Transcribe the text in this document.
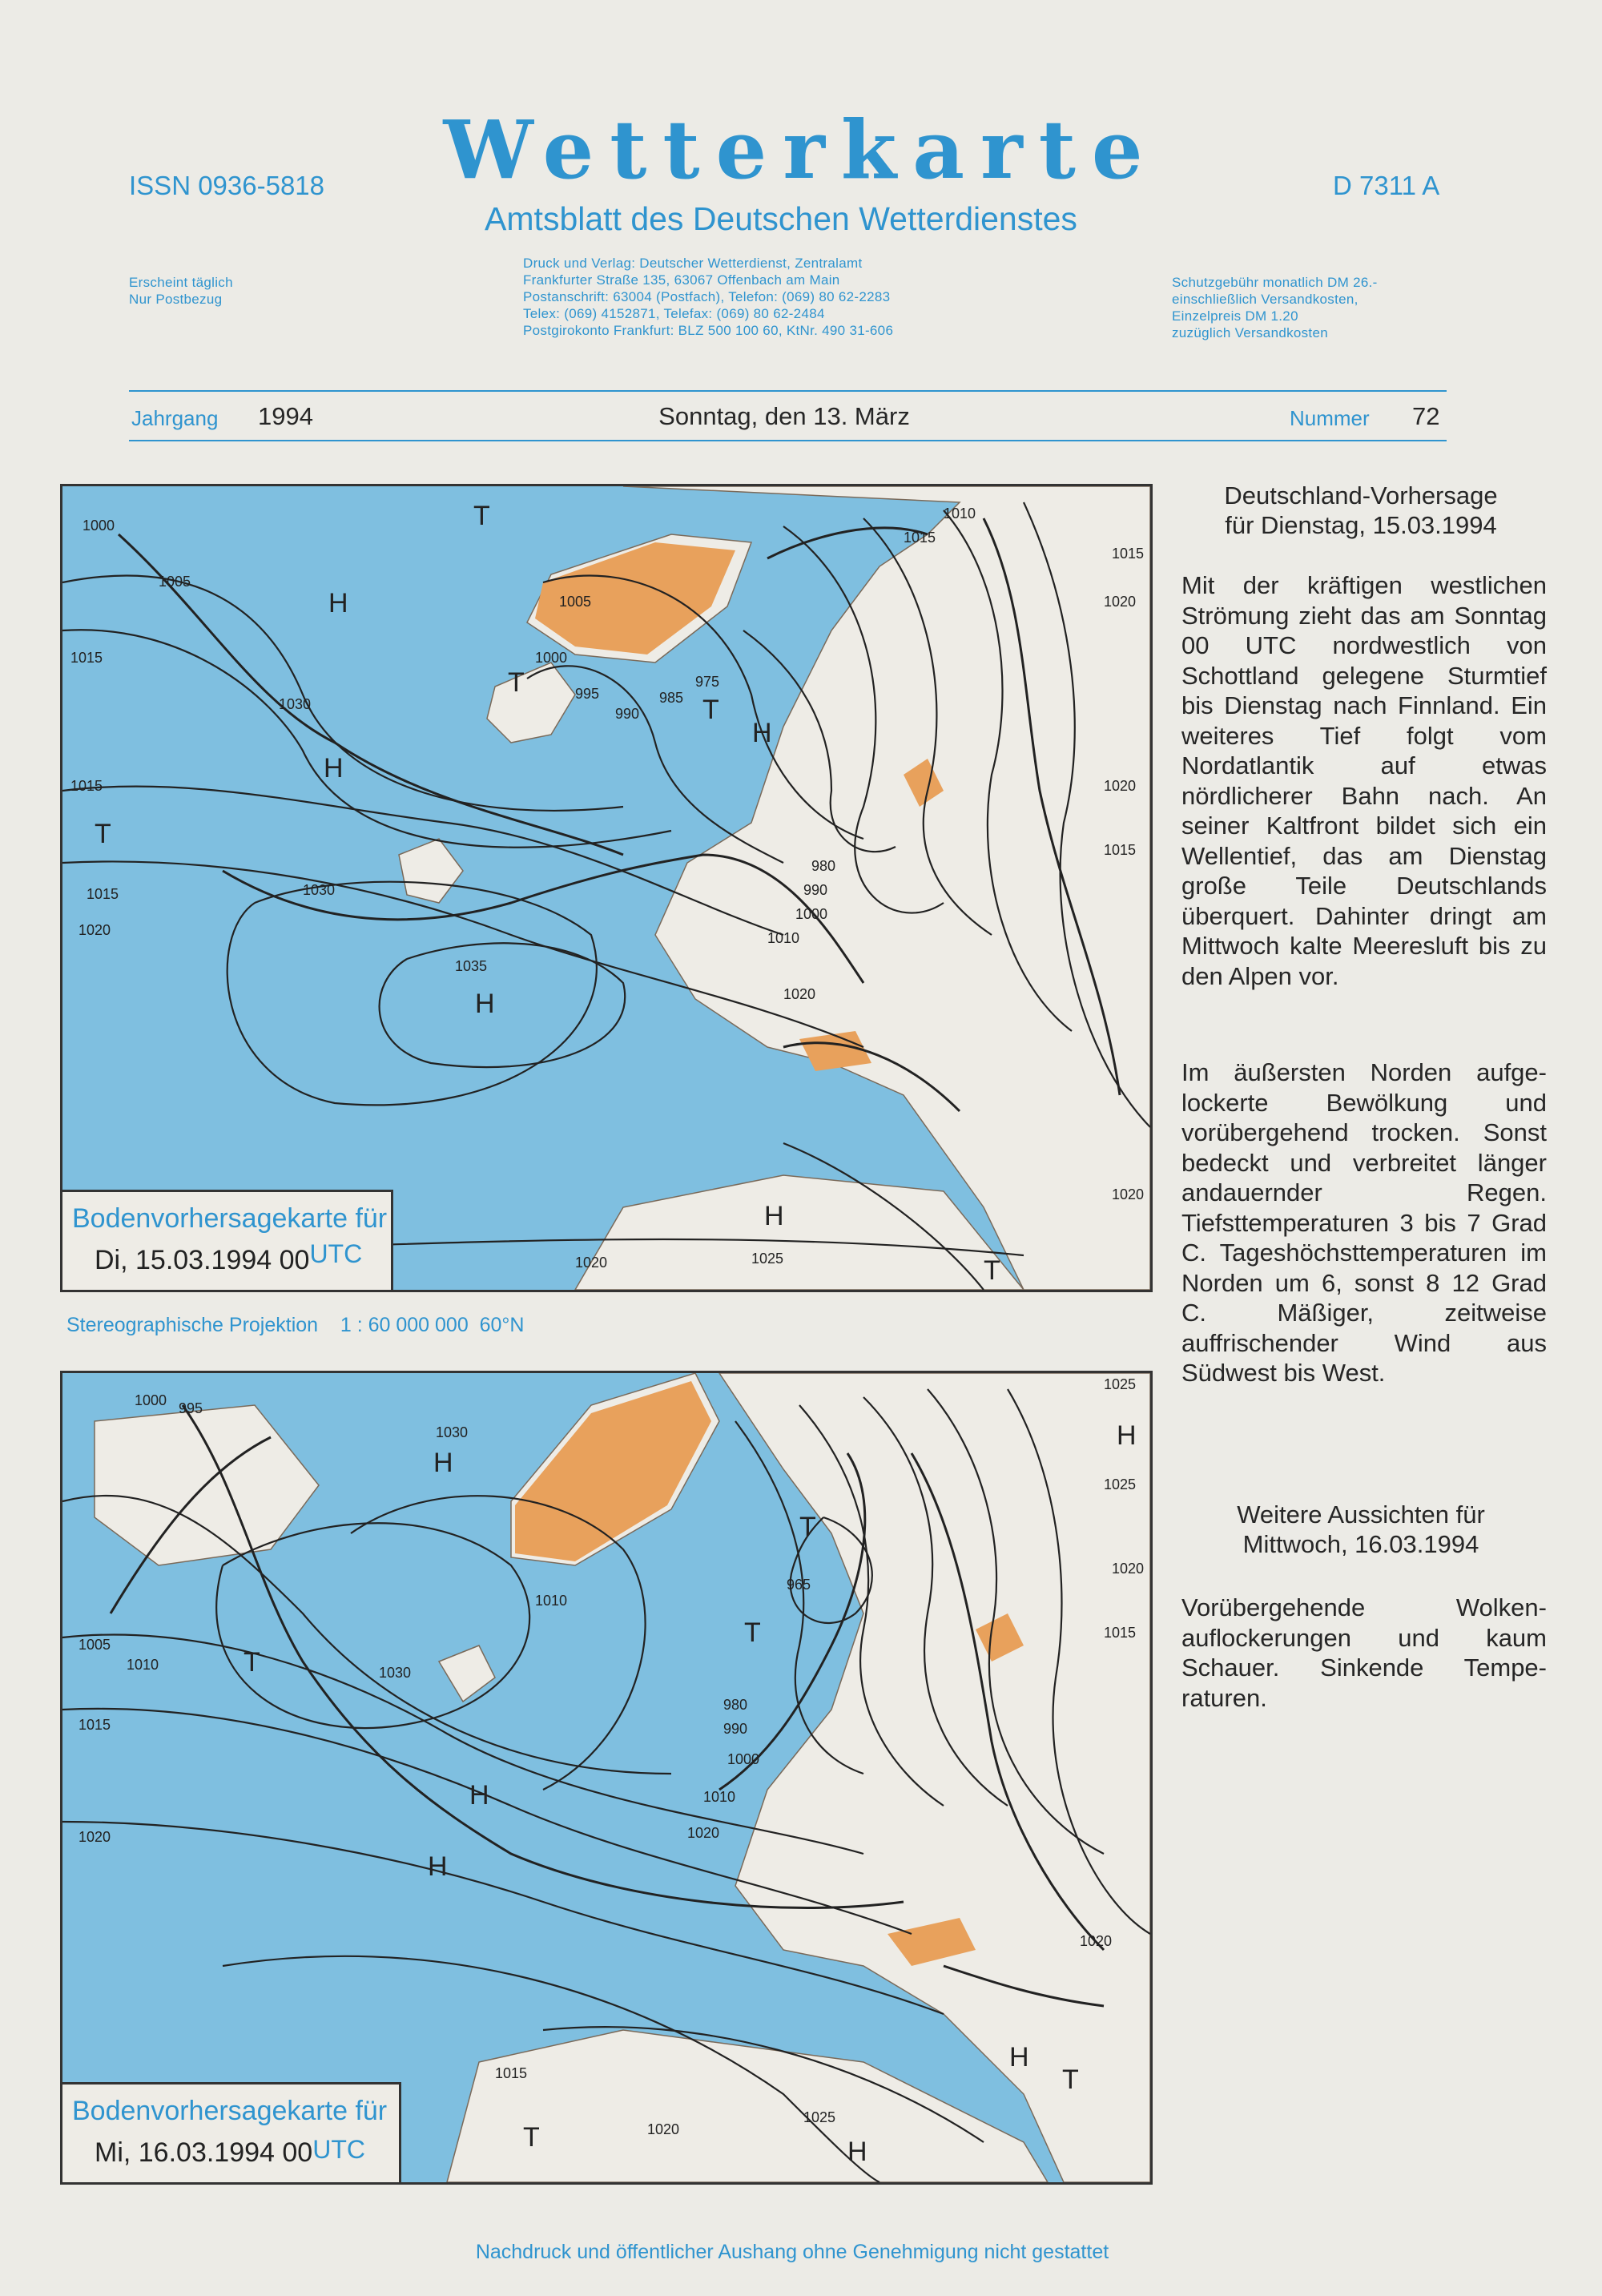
ISSN 0936-5818	Wetterkarte
Amtsblatt des Deutschen Wetterdienstes
D 7311 A
Erscheint täglich
Nur Postbezug
Druck und Verlag: Deutscher Wetterdienst, Zentralamt
Frankfurter Straße 135, 63067 Offenbach am Main
Postanschrift: 63004 (Postfach), Telefon: (069) 80 62-2283
Telex: (069) 4152871, Telefax: (069) 80 62-2484
Postgirokonto Frankfurt: BLZ 500 100 60, KtNr. 490 31-606
Schutzgebühr monatlich DM 26.-
einschließlich Versandkosten,
Einzelpreis DM 1.20
zuzüglich Versandkosten
Jahrgang 1994	Sonntag, den 13. März	Nummer 72
H
H
H
H
H
T
T
T
T
T
1000
1005
1015
1030
1015
1015
1020
1030
1035
1005
1000
995
990
985
975
980
990
1000
1010
1020
1015
1010
1015
1020
1020
1015
1020
1020	1025
Bodenvorhersagekarte für
Di, 15.03.1994 00UTC
Stereographische Projektion    1 : 60 000 000  60°N
H
H
H
H
H
H
T
T
T
T
T
1000 995
1030
1005
1010
1015
1020
1030
1010
965
980
990
1000
1010
1020
1025
1025
1020
1015
1020
1015
1020
1025
Bodenvorhersagekarte für
Mi, 16.03.1994 00UTC
Deutschland-Vorhersage
für Dienstag, 15.03.1994
Mit der kräftigen westlichen Strömung zieht das am Sonntag 00 UTC nordwestlich von Schottland gelegene Sturmtief bis Dienstag nach Finnland. Ein weiteres Tief folgt vom Nordatlantik auf etwas nördlicherer Bahn nach. An seiner Kaltfront bildet sich ein Wellentief, das am Dienstag große Teile Deutschlands überquert. Dahinter dringt am Mittwoch kalte Meeresluft bis zu den Alpen vor.
Im äußersten Norden aufgelockerte Bewölkung und vorübergehend trocken. Sonst bedeckt und verbreitet länger andauernder Regen. Tiefsttemperaturen 3 bis 7 Grad C. Tageshöchsttemperaturen im Norden um 6, sonst 8 12 Grad C. Mäßiger, zeitweise auffrischender Wind aus Südwest bis West.
Weitere Aussichten für
Mittwoch, 16.03.1994
Vorübergehende Wolkenauflockerungen und kaum Schauer. Sinkende Temperaturen.
Nachdruck und öffentlicher Aushang ohne Genehmigung nicht gestattet
